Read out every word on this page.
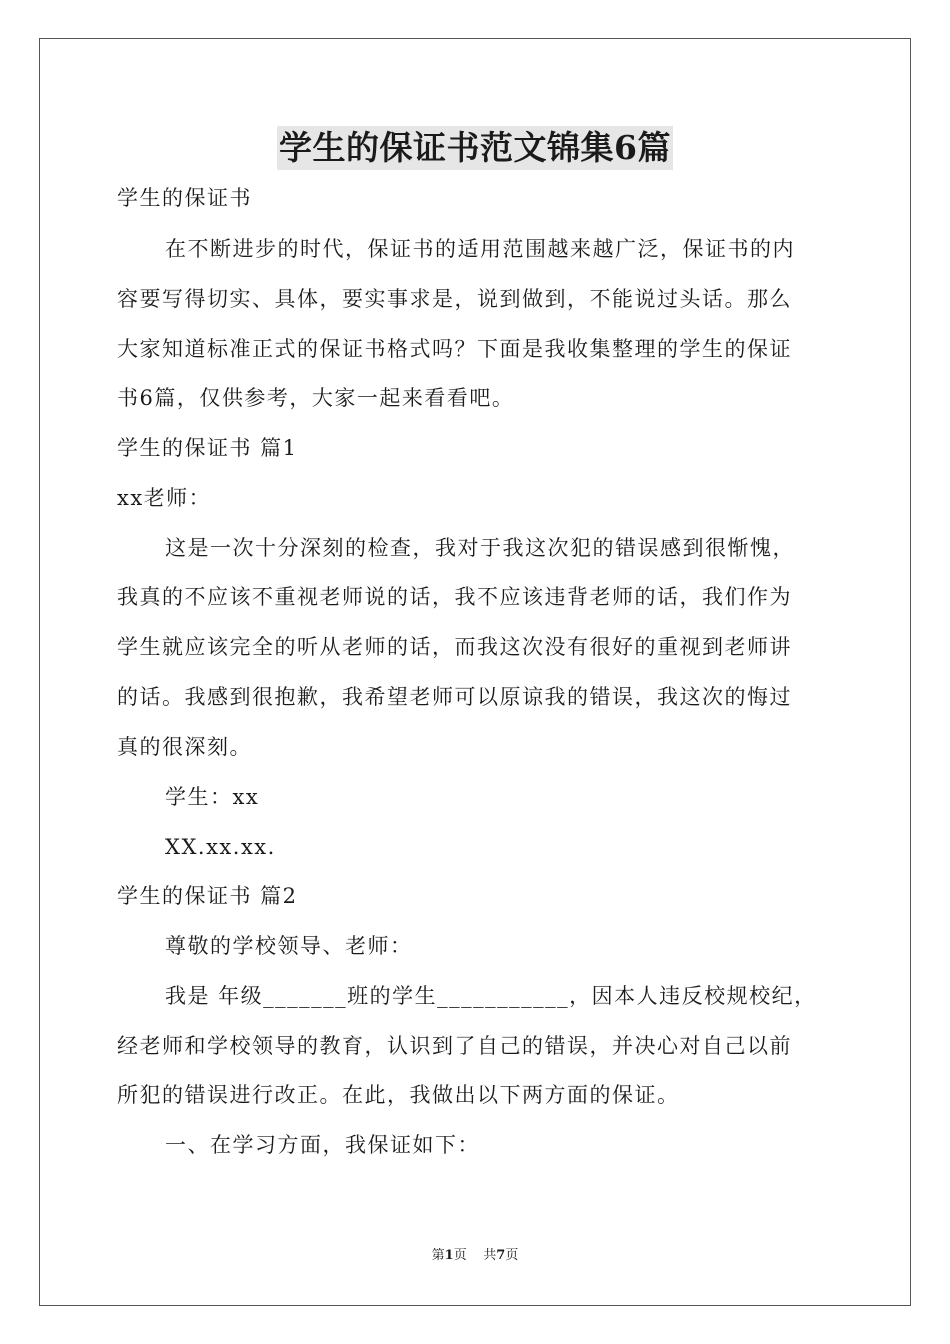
学生的保证书范文锦集6篇
学生的保证书
在不断进步的时代，保证书的适用范围越来越广泛，保证书的内
容要写得切实、具体，要实事求是，说到做到，不能说过头话。那么
大家知道标准正式的保证书格式吗？下面是我收集整理的学生的保证
书6篇，仅供参考，大家一起来看看吧。
学生的保证书 篇1
xx老师：
这是一次十分深刻的检查，我对于我这次犯的错误感到很惭愧，
我真的不应该不重视老师说的话，我不应该违背老师的话，我们作为
学生就应该完全的听从老师的话，而我这次没有很好的重视到老师讲
的话。我感到很抱歉，我希望老师可以原谅我的错误，我这次的悔过
真的很深刻。
学生：xx
XX.xx.xx.
学生的保证书 篇2
尊敬的学校领导、老师：
我是 年级_______班的学生___________，因本人违反校规校纪，
经老师和学校领导的教育，认识到了自己的错误，并决心对自己以前
所犯的错误进行改正。在此，我做出以下两方面的保证。
一、在学习方面，我保证如下：
第1页 共7页
